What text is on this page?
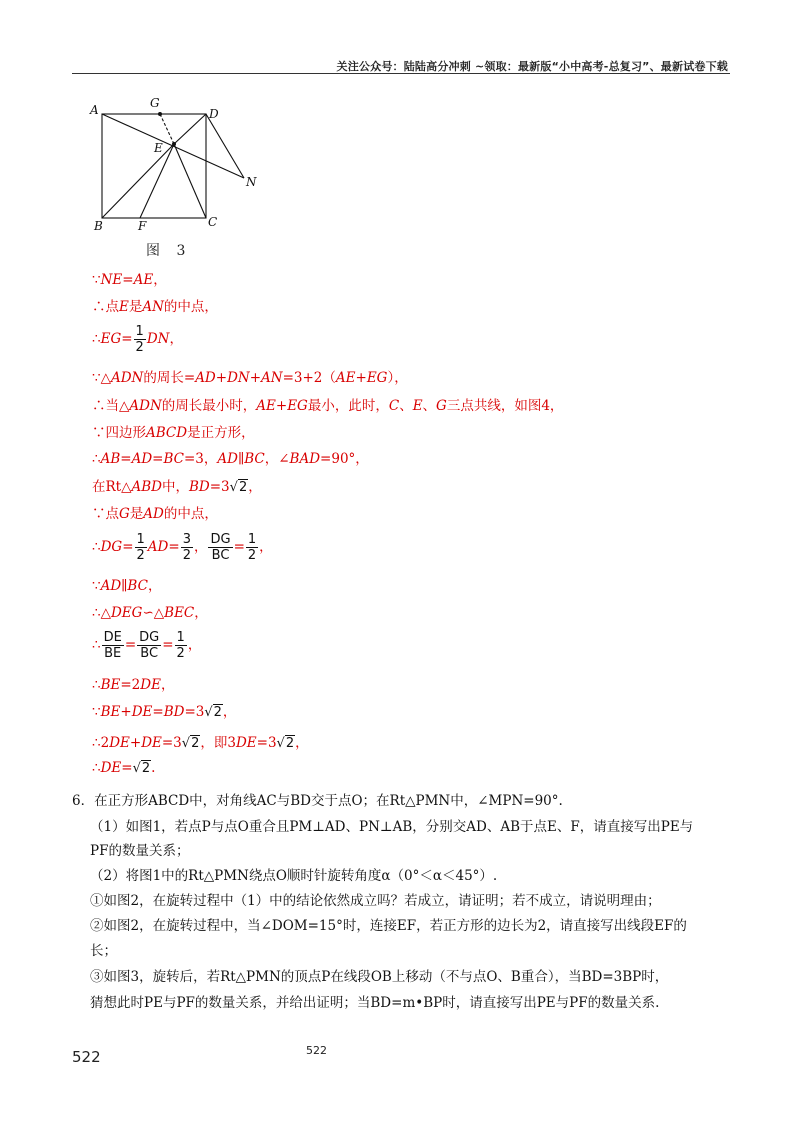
关注公众号：陆陆高分冲刺 ~领取：最新版“小中高考-总复习”、最新试卷下载
A	G
D
E
N
B	F	C
图 3
∵NE=AE，
∴点E是AN的中点，
∴EG= $\frac{1}{2}$ DN，
∵△ADN的周长=AD+DN+AN=3+2（AE+EG），
∴当△ADN的周长最小时，AE+EG最小，此时，C、E、G三点共线，如图4，
∵四边形ABCD是正方形，
∴AB=AD=BC=3，AD∥BC，∠BAD=90°，
在Rt△ABD中，BD=3√2，
∵点G是AD的中点，
∴DG= $\frac{1}{2} AD= \frac{3}{2}$ ， $\frac{DG}{BC} = \frac{1}{2}$ ，
∵AD∥BC，
∴△DEG∽△BEC，
∴ $\frac{DE}{BE} = \frac{DG}{BC} = \frac{1}{2}$ ，
∴BE=2DE，
∵BE+DE=BD=3√2，
∴2DE+DE=3√2，即3DE=3√2，
∴DE=√2.
6．在正方形ABCD中，对角线AC与BD交于点O；在Rt△PMN中，∠MPN=90°.
（1）如图1，若点P与点O重合且PM⊥AD、PN⊥AB，分别交AD、AB于点E、F，请直接写出PE与
PF的数量关系；
（2）将图1中的Rt△PMN绕点O顺时针旋转角度α（0°＜α＜45°）.
①如图2，在旋转过程中（1）中的结论依然成立吗？若成立，请证明；若不成立，请说明理由；
②如图2，在旋转过程中，当∠DOM=15°时，连接EF，若正方形的边长为2，请直接写出线段EF的
长；
③如图3，旋转后，若Rt△PMN的顶点P在线段OB上移动（不与点O、B重合），当BD=3BP时，
猜想此时PE与PF的数量关系，并给出证明；当BD=m•BP时，请直接写出PE与PF的数量关系.
522	522
